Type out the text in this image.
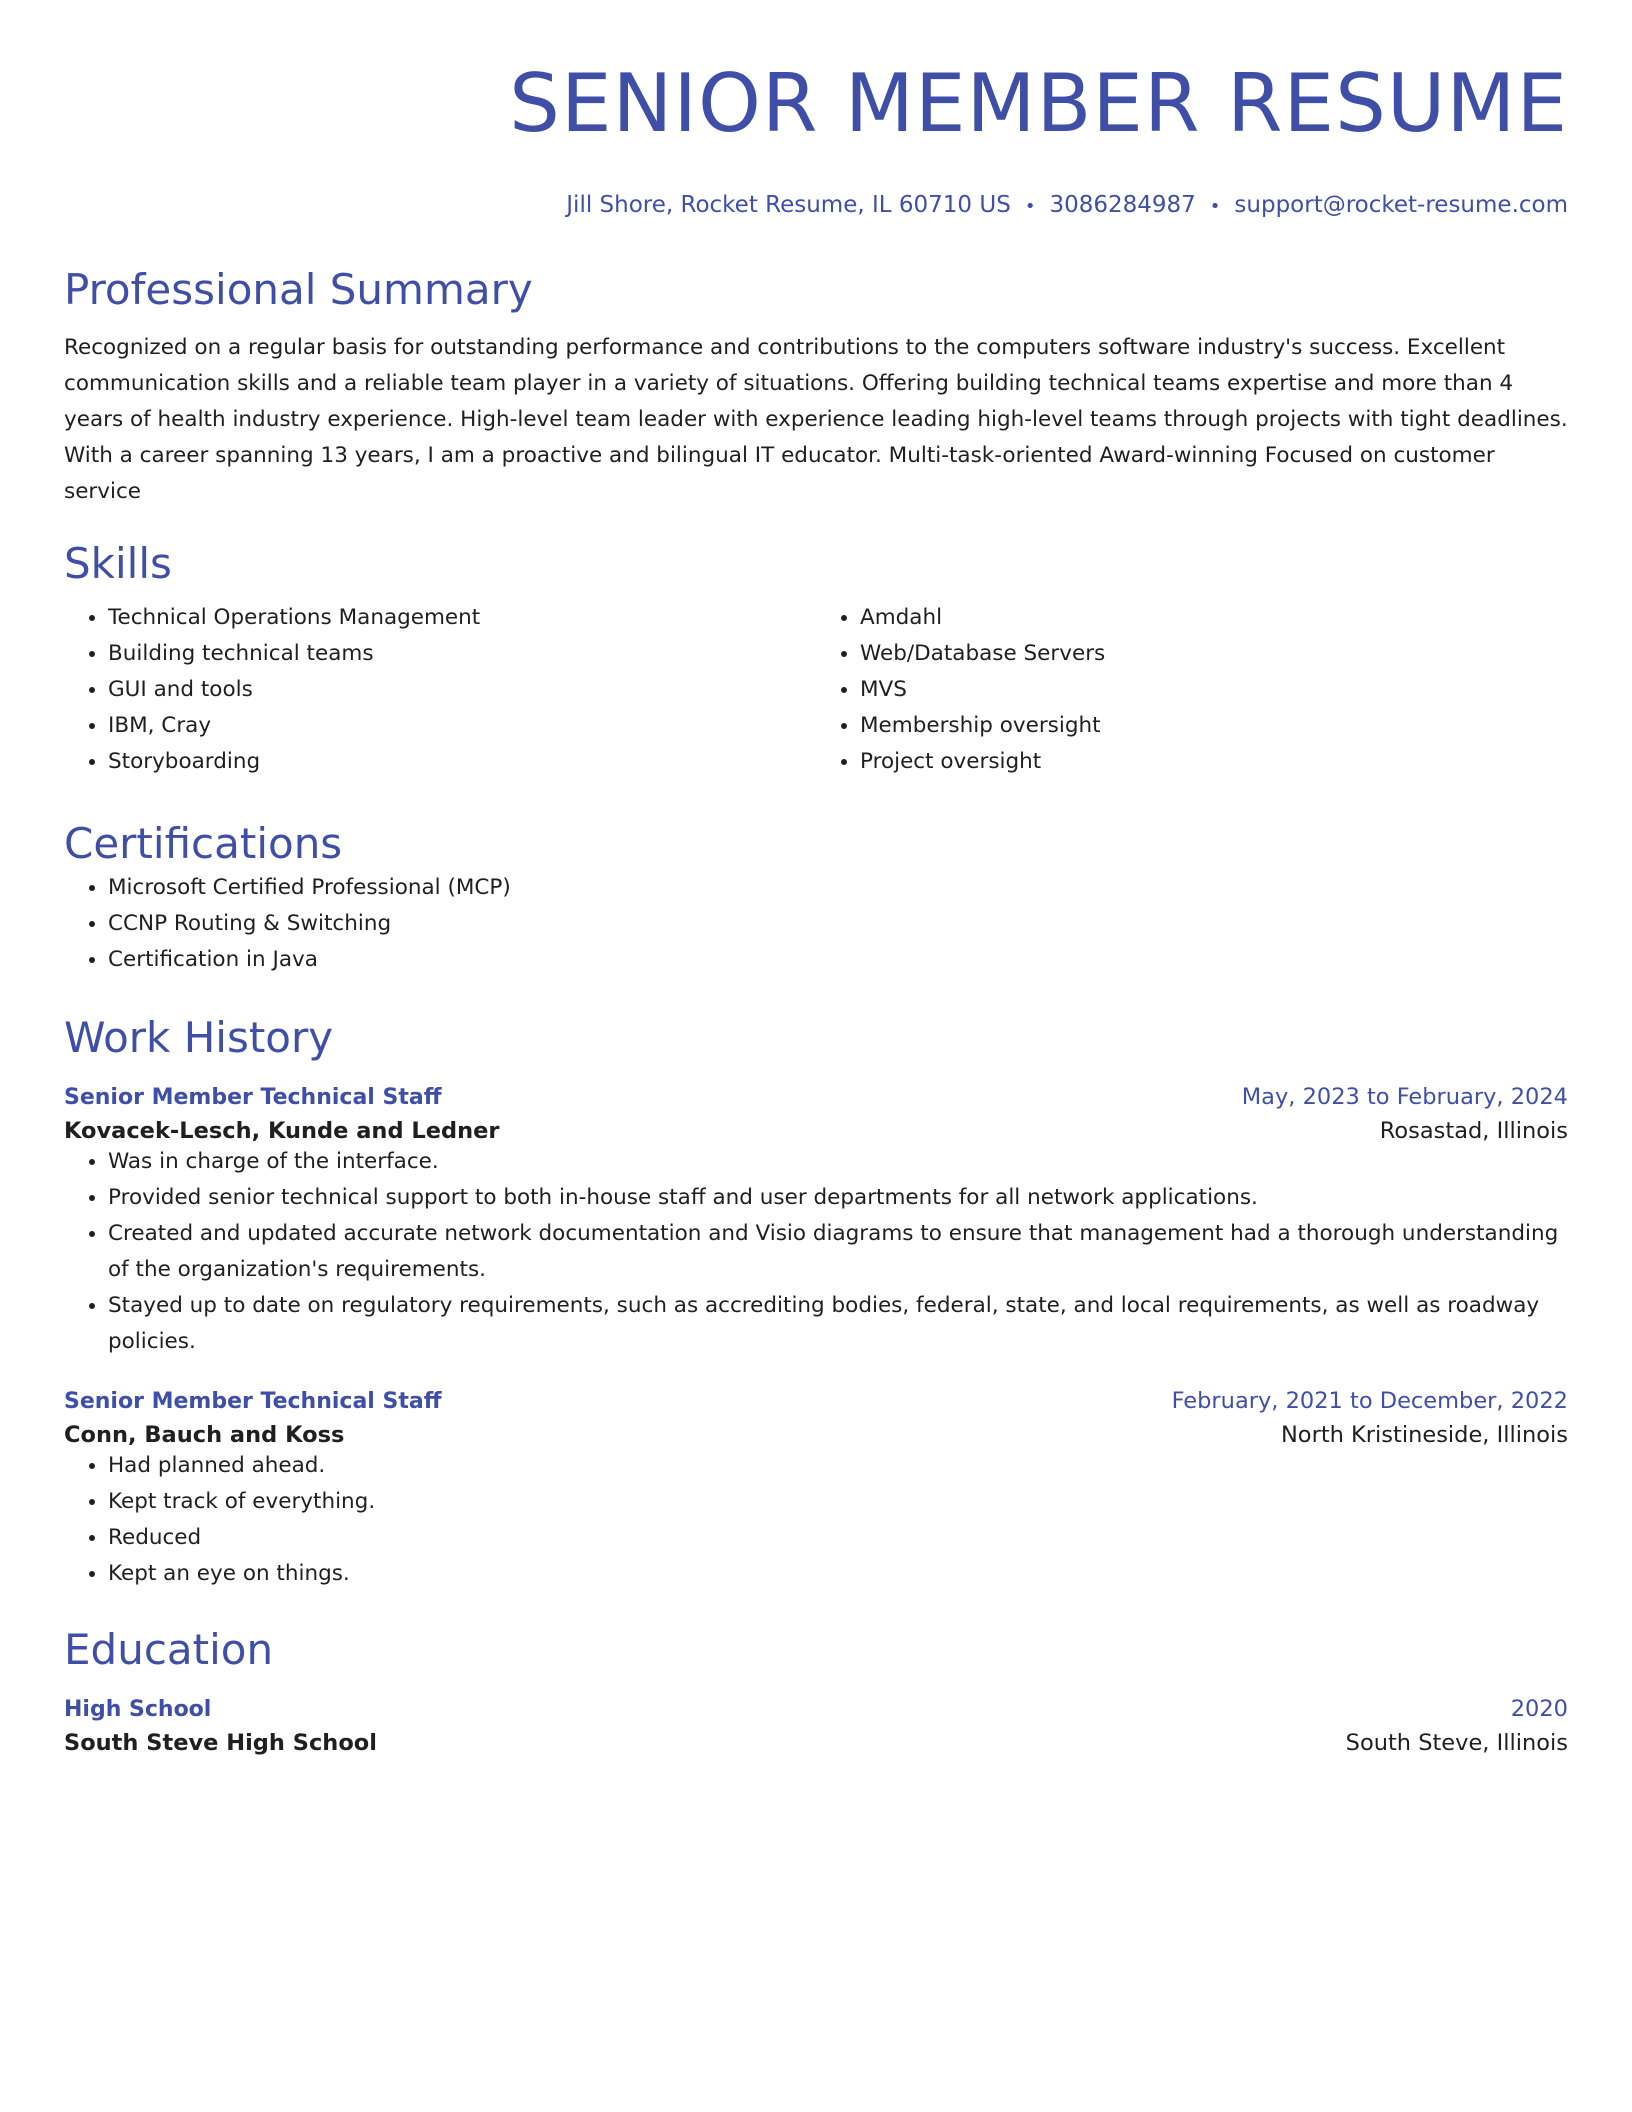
SENIOR MEMBER RESUME
Jill Shore, Rocket Resume, IL 60710 US • 3086284987 • support@rocket-resume.com
Professional Summary
Recognized on a regular basis for outstanding performance and contributions to the computers software industry's success. Excellent communication skills and a reliable team player in a variety of situations. Offering building technical teams expertise and more than 4 years of health industry experience. High-level team leader with experience leading high-level teams through projects with tight deadlines. With a career spanning 13 years, I am a proactive and bilingual IT educator. Multi-task-oriented Award-winning Focused on customer service
Skills
• Technical Operations Management
• Building technical teams
• GUI and tools
• IBM, Cray
• Storyboarding
• Amdahl
• Web/Database Servers
• MVS
• Membership oversight
• Project oversight
Certifications
• Microsoft Certified Professional (MCP)
• CCNP Routing & Switching
• Certification in Java
Work History
Senior Member Technical Staff	May, 2023 to February, 2024
Kovacek-Lesch, Kunde and Ledner	Rosastad, Illinois
• Was in charge of the interface.
• Provided senior technical support to both in-house staff and user departments for all network applications.
• Created and updated accurate network documentation and Visio diagrams to ensure that management had a thorough understanding of the organization's requirements.
• Stayed up to date on regulatory requirements, such as accrediting bodies, federal, state, and local requirements, as well as roadway policies.
Senior Member Technical Staff	February, 2021 to December, 2022
Conn, Bauch and Koss	North Kristineside, Illinois
• Had planned ahead.
• Kept track of everything.
• Reduced
• Kept an eye on things.
Education
High School	2020
South Steve High School	South Steve, Illinois
